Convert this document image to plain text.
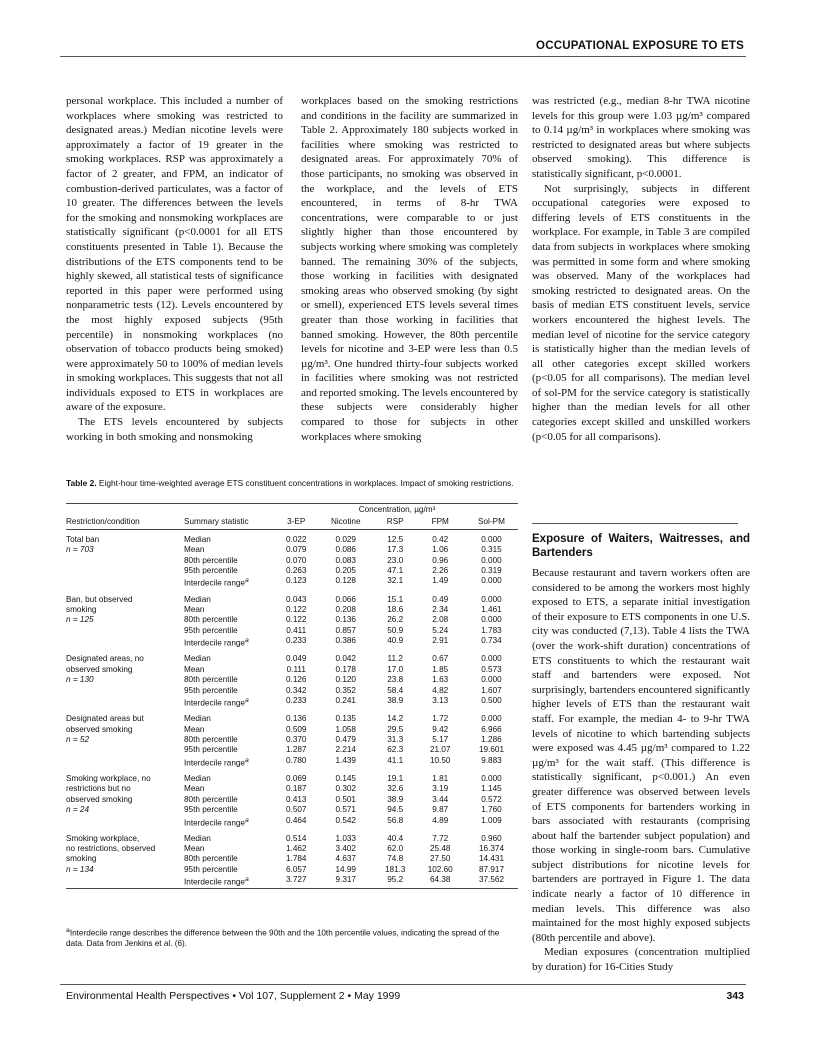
OCCUPATIONAL EXPOSURE TO ETS

personal workplace. This included a number of workplaces where smoking was restricted to designated areas.) Median nicotine levels were approximately a factor of 19 greater in the smoking workplaces. RSP was approximately a factor of 2 greater, and FPM, an indicator of combustion-derived particulates, was a factor of 10 greater. The differences between the levels for the smoking and nonsmoking workplaces are statistically significant (p<0.0001 for all ETS constituents presented in Table 1). Because the distributions of the ETS components tend to be highly skewed, all statistical tests of significance reported in this paper were performed using nonparametric tests (12). Levels encountered by the most highly exposed subjects (95th percentile) in nonsmoking workplaces (no observation of tobacco products being smoked) were approximately 50 to 100% of median levels in smoking workplaces. This suggests that not all individuals exposed to ETS in workplaces are aware of the exposure.

The ETS levels encountered by subjects working in both smoking and nonsmoking

workplaces based on the smoking restrictions and conditions in the facility are summarized in Table 2. Approximately 180 subjects worked in facilities where smoking was restricted to designated areas. For approximately 70% of those participants, no smoking was observed in the workplace, and the levels of ETS encountered, in terms of 8-hr TWA concentrations, were comparable to or just slightly higher than those encountered by subjects working where smoking was completely banned. The remaining 30% of the subjects, those working in facilities with designated smoking areas who observed smoking (by sight or smell), experienced ETS levels several times greater than those working in facilities that banned smoking. However, the 80th percentile levels for nicotine and 3-EP were less than 0.5 µg/m³. One hundred thirty-four subjects worked in facilities where smoking was not restricted and reported smoking. The levels encountered by these subjects were considerably higher compared to those for subjects in other workplaces where smoking

was restricted (e.g., median 8-hr TWA nicotine levels for this group were 1.03 µg/m³ compared to 0.14 µg/m³ in workplaces where smoking was restricted to designated areas but where subjects observed smoking). This difference is statistically significant, p<0.0001.

Not surprisingly, subjects in different occupational categories were exposed to differing levels of ETS constituents in the workplace. For example, in Table 3 are compiled data from subjects in workplaces where smoking was permitted in some form and where smoking was observed. Many of the workplaces had smoking restricted to designated areas. On the basis of median ETS constituent levels, service workers encountered the highest levels. The median level of nicotine for the service category is statistically higher than the median levels of all other categories except skilled workers (p<0.05 for all comparisons). The median level of sol-PM for the service category is statistically higher than the median levels for all other categories except skilled and unskilled workers (p<0.05 for all comparisons).

Exposure of Waiters, Waitresses, and Bartenders

Because restaurant and tavern workers often are considered to be among the workers most highly exposed to ETS, a separate initial investigation of their exposure to ETS components in one U.S. city was conducted (7,13). Table 4 lists the TWA (over the work-shift duration) concentrations of ETS constituents to which the restaurant wait staff and bartenders were exposed. Not surprisingly, bartenders encountered significantly higher levels of ETS than the restaurant wait staff. For example, the median 4- to 9-hr TWA levels of nicotine to which bartending subjects were exposed was 4.45 µg/m³ compared to 1.22 µg/m³ for the wait staff. (This difference is statistically significant, p<0.001.) An even greater difference was observed between levels of ETS components for bartenders working in bars associated with restaurants (comprising about half the bartender subject population) and those working in single-room bars. Cumulative subject distributions for nicotine levels for bartenders are portrayed in Figure 1. The data indicate nearly a factor of 10 difference in median levels. This difference was also maintained for the most highly exposed subjects (80th percentile and above).

Median exposures (concentration multiplied by duration) for 16-Cities Study

Table 2. Eight-hour time-weighted average ETS constituent concentrations in workplaces. Impact of smoking restrictions.
		Concentration, µg/m³				
Restriction/condition	Summary statistic	3-EP	Nicotine	RSP	FPM	Sol-PM
Total ban	Median	0.022	0.029	12.5	0.42	0.000
n = 703	Mean	0.079	0.086	17.3	1.06	0.315
	80th percentile	0.070	0.083	23.0	0.96	0.000
	95th percentile	0.263	0.205	47.1	2.26	0.319
	Interdecile range$^a$	0.123	0.128	32.1	1.49	0.000
Ban, but observed	Median	0.043	0.066	15.1	0.49	0.000
smoking	Mean	0.122	0.208	18.6	2.34	1.461
n = 125	80th percentile	0.122	0.136	26.2	2.08	0.000
	95th percentile	0.411	0.857	50.9	5.24	1.783
	Interdecile range$^a$	0.233	0.386	40.9	2.91	0.734
Designated areas, no	Median	0.049	0.042	11.2	0.67	0.000
observed smoking	Mean	0.111	0.178	17.0	1.85	0.573
n = 130	80th percentile	0.126	0.120	23.8	1.63	0.000
	95th percentile	0.342	0.352	58.4	4.82	1.607
	Interdecile range$^a$	0.233	0.241	38.9	3.13	0.500
Designated areas but	Median	0.136	0.135	14.2	1.72	0.000
observed smoking	Mean	0.509	1.058	29.5	9.42	6.966
n = 52	80th percentile	0.370	0.479	31.3	5.17	1.286
	95th percentile	1.287	2.214	62.3	21.07	19.601
	Interdecile range$^a$	0.780	1.439	41.1	10.50	9.883
Smoking workplace, no	Median	0.069	0.145	19.1	1.81	0.000
restrictions but no	Mean	0.187	0.302	32.6	3.19	1.145
observed smoking	80th percentile	0.413	0.501	38.9	3.44	0.572
n = 24	95th percentile	0.507	0.571	94.5	9.87	1.760
	Interdecile range$^a$	0.464	0.542	56.8	4.89	1.009
Smoking workplace,	Median	0.514	1.033	40.4	7.72	0.960
no restrictions, observed	Mean	1.462	3.402	62.0	25.48	16.374
smoking	80th percentile	1.784	4.637	74.8	27.50	14.431
n = 134	95th percentile	6.057	14.99	181.3	102.60	87.917
	Interdecile range$^a$	3.727	9.317	95.2	64.38	37.562
$^a$Interdecile range describes the difference between the 90th and the 10th percentile values, indicating the spread of the data. Data from Jenkins et al. (6).
Environmental Health Perspectives • Vol 107, Supplement 2 • May 1999	343
